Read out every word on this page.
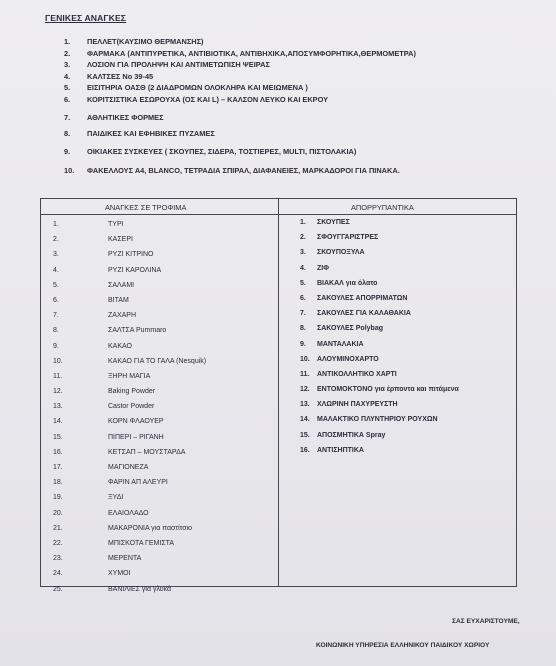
ΓΕΝΙΚΕΣ ΑΝΑΓΚΕΣ
1.	ΠΕΛΛΕΤ(ΚΑΥΣΙΜΟ ΘΕΡΜΑΝΣΗΣ)
2.	ΦΑΡΜΑΚΑ (ΑΝΤΙΠΥΡΕΤΙΚΑ, ΑΝΤΙΒΙΟΤΙΚΑ, ΑΝΤΙΒΗΧΙΚΑ,ΑΠΟΣΥΜΦΟΡΗΤΙΚΑ,ΘΕΡΜΟΜΕΤΡΑ)
3.	ΛΟΣΙΟΝ ΓΙΑ ΠΡΟΛΗΨΗ ΚΑΙ ΑΝΤΙΜΕΤΩΠΙΣΗ ΨΕΙΡΑΣ
4.	ΚΑΛΤΣΕΣ Νο 39-45
5.	ΕΙΣΙΤΗΡΙΑ ΟΑΣΘ (2 ΔΙΑΔΡΟΜΩΝ ΟΛΟΚΛΗΡΑ ΚΑΙ ΜΕΙΩΜΕΝΑ )
6.	ΚΟΡΙΤΣΙΣΤΙΚΑ ΕΣΩΡΟΥΧΑ (ΟΣ ΚΑΙ L) – ΚΑΛΣΟΝ ΛΕΥΚΟ ΚΑΙ ΕΚΡΟΥ
7.	ΑΘΛΗΤΙΚΕΣ ΦΟΡΜΕΣ
8.	ΠΑΙΔΙΚΕΣ ΚΑΙ ΕΦΗΒΙΚΕΣ ΠΥΖΑΜΕΣ
9.	ΟΙΚΙΑΚΕΣ ΣΥΣΚΕΥΕΣ ( ΣΚΟΥΠΕΣ, ΣΙΔΕΡΑ, ΤΟΣΤΙΕΡΕΣ, MULTI, ΠΙΣΤΟΛΑΚΙΑ)
10.	ΦΑΚΕΛΛΟΥΣ Α4, BLANCO, ΤΕΤΡΑΔΙΑ ΣΠΙΡΑΛ, ΔΙΑΦΑΝΕΙΕΣ, ΜΑΡΚΑΔΟΡΟΙ ΓΙΑ ΠΙΝΑΚΑ.
ΑΝΑΓΚΕΣ ΣΕ ΤΡΟΦΙΜΑ	ΑΠΟΡΡΥΠΑΝΤΙΚΑ
1.	ΤΥΡΙ
2.	ΚΑΣΕΡΙ
3.	ΡΥΖΙ ΚΙΤΡΙΝΟ
4.	ΡΥΖΙ ΚΑΡΟΛΙΝΑ
5.	ΣΑΛΑΜΙ
6.	ΒΙΤΑΜ
7.	ΖΑΧΑΡΗ
8.	ΣΑΛΤΣΑ Pummaro
9.	ΚΑΚΑΟ
10.	ΚΑΚΑΟ ΓΙΑ ΤΟ ΓΑΛΑ (Nesquik)
11.	ΞΗΡΗ ΜΑΓΙΑ
12.	Baking Powder
13.	Castor Powder
14.	ΚΟΡΝ ΦΛΑΟΥΕΡ
15.	ΠΙΠΕΡΙ – ΡΙΓΑΝΗ
16.	ΚΕΤΣΑΠ – ΜΟΥΣΤΑΡΔΑ
17.	ΜΑΓΙΟΝΕΖΑ
18.	ΦΑΡΙΝ ΑΠ ΑΛΕΥΡΙ
19.	ΞΥΔΙ
20.	ΕΛΑΙΟΛΑΔΟ
21.	ΜΑΚΑΡΟΝΙΑ για παστίτσιο
22.	ΜΠΙΣΚΟΤΑ ΓΕΜΙΣΤΑ
23.	ΜΕΡΕΝΤΑ
24.	ΧΥΜΟΙ
25.	ΒΑΝΙΛΙΕΣ για γλυκά
1.	ΣΚΟΥΠΕΣ
2.	ΣΦΟΥΓΓΑΡΙΣΤΡΕΣ
3.	ΣΚΟΥΠΟΞΥΛΑ
4.	ΖΙΦ
5.	ΒΙΑΚΑΛ για όλατο
6.	ΣΑΚΟΥΛΕΣ ΑΠΟΡΡΙΜΑΤΩΝ
7.	ΣΑΚΟΥΛΕΣ ΓΙΑ ΚΑΛΑΘΑΚΙΑ
8.	ΣΑΚΟΥΛΕΣ Polybag
9.	ΜΑΝΤΑΛΑΚΙΑ
10.	ΑΛΟΥΜΙΝΟΧΑΡΤΟ
11.	ΑΝΤΙΚΟΛΛΗΤΙΚΟ ΧΑΡΤΙ
12.	ΕΝΤΟΜΟΚΤΟΝΟ για έρποντα και πιτάμενα
13.	ΧΛΩΡΙΝΗ ΠΑΧΥΡΕΥΣΤΗ
14.	ΜΑΛΑΚΤΙΚΟ ΠΛΥΝΤΗΡΙΟΥ ΡΟΥΧΩΝ
15.	ΑΠΟΣΜΗΤΙΚΑ Spray
16.	ΑΝΤΙΣΗΠΤΙΚΑ
ΣΑΣ ΕΥΧΑΡΙΣΤΟΥΜΕ,
ΚΟΙΝΩΝΙΚΗ ΥΠΗΡΕΣΙΑ ΕΛΛΗΝΙΚΟΥ ΠΑΙΔΙΚΟΥ ΧΩΡΙΟΥ
